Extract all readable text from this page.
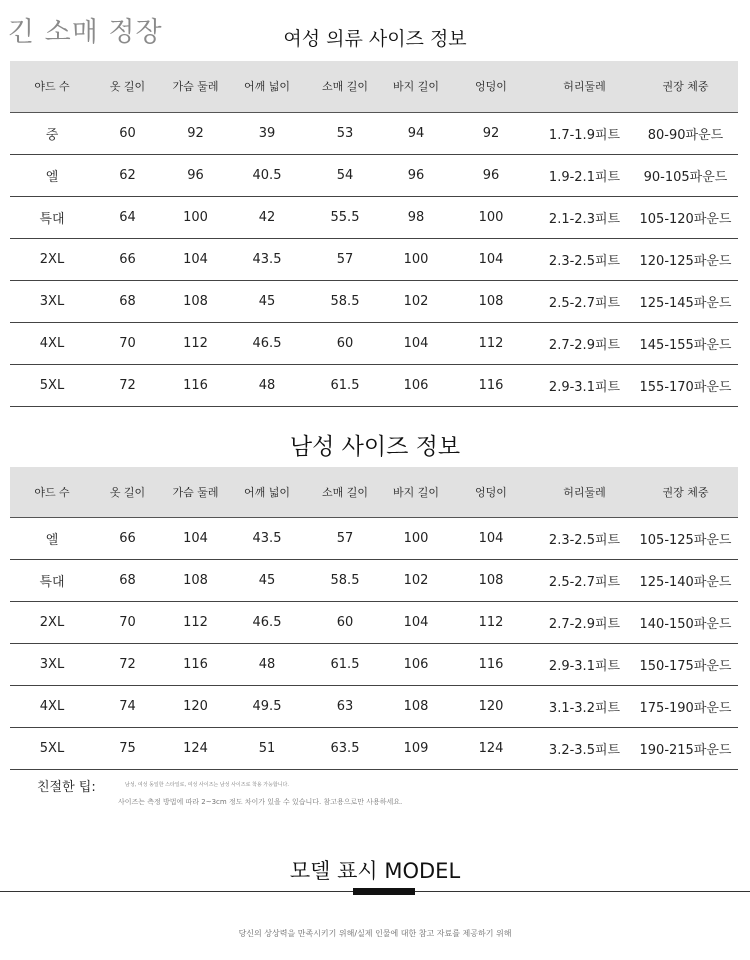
긴 소매 정장	여성 의류 사이즈 정보
야드 수	옷 길이	가슴 둘레	어깨 넓이	소매 길이	바지 길이	엉덩이	허리둘레	권장 체중
중	60	92	39	53	94	92	1.7-1.9피트	80-90파운드
엘	62	96	40.5	54	96	96	1.9-2.1피트	90-105파운드
특대	64	100	42	55.5	98	100	2.1-2.3피트	105-120파운드
2XL	66	104	43.5	57	100	104	2.3-2.5피트	120-125파운드
3XL	68	108	45	58.5	102	108	2.5-2.7피트	125-145파운드
4XL	70	112	46.5	60	104	112	2.7-2.9피트	145-155파운드
5XL	72	116	48	61.5	106	116	2.9-3.1피트	155-170파운드
남성 사이즈 정보
야드 수	옷 길이	가슴 둘레	어깨 넓이	소매 길이	바지 길이	엉덩이	허리둘레	권장 체중
엘	66	104	43.5	57	100	104	2.3-2.5피트	105-125파운드
특대	68	108	45	58.5	102	108	2.5-2.7피트	125-140파운드
2XL	70	112	46.5	60	104	112	2.7-2.9피트	140-150파운드
3XL	72	116	48	61.5	106	116	2.9-3.1피트	150-175파운드
4XL	74	120	49.5	63	108	120	3.1-3.2피트	175-190파운드
5XL	75	124	51	63.5	109	124	3.2-3.5피트	190-215파운드
친절한 팁:	남성, 여성 동일한 스타일로, 여성 사이즈는 남성 사이즈로 착용 가능합니다.
사이즈는 측정 방법에 따라 2~3cm 정도 차이가 있을 수 있습니다. 참고용으로만 사용하세요.
모델 표시 MODEL
당신의 상상력을 만족시키기 위해/실제 인물에 대한 참고 자료를 제공하기 위해
